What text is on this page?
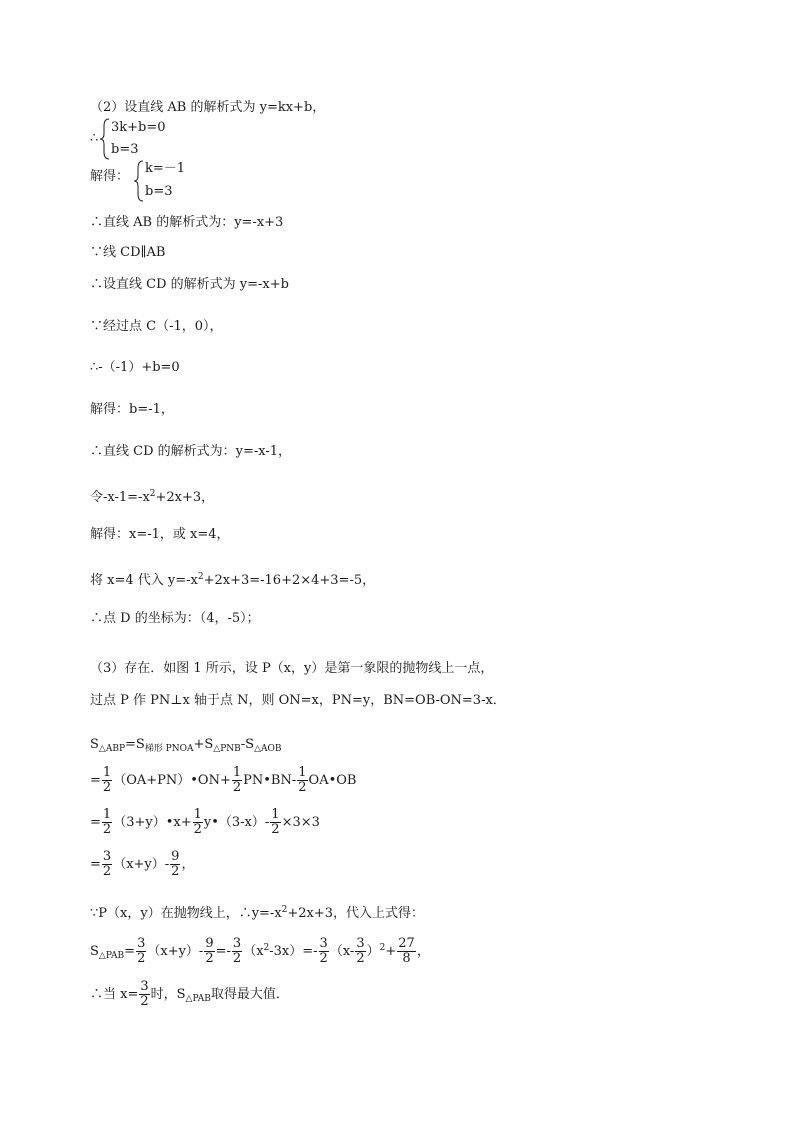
（2）设直线 AB 的解析式为 y=kx+b，
∴
3k+b=0
b=3
解得：
k=－1
b=3
∴直线 AB 的解析式为：y=-x+3
∵线 CD∥AB
∴设直线 CD 的解析式为 y=-x+b
∵经过点 C（-1，0），
∴-（-1）+b=0
解得：b=-1，
∴直线 CD 的解析式为：y=-x-1，
令$-x-1=-x^2+2x+3$，
解得：x=-1，或 x=4，
将 x=4 代入 $y=-x^2+2x+3=-16+2\times 4+3=-5$，
∴点 D 的坐标为：（4，-5）；
（3）存在．如图 1 所示，设 P（x，y）是第一象限的抛物线上一点，
过点 P 作 PN⊥x 轴于点 N，则 ON=x，PN=y，BN=OB-ON=3-x．
$S_{\triangle ABP}=S_{梯形 PNOA}+S_{\triangle PNB}-S_{\triangle AOB}$
= $\frac{1}{2}$ （OA+PN）•ON+ $\frac{1}{2}$ PN•BN- $\frac{1}{2}$ OA•OB
= $\frac{1}{2}$ （3+y）•x+ $\frac{1}{2}$ y•（3-x）- $\frac{1}{2} \times 3\times 3$
= $\frac{3}{2} (x+y)- \frac{9}{2}$ ，
∵P（x，y）在抛物线上，$\therefore y=-x^2+2x+3$，代入上式得：
$S_{\triangle PAB}= \frac{3}{2} (x+y)- \frac{9}{2} =- \frac{3}{2} (x^2-3x)=- \frac{3}{2} (x- \frac{3}{2} )^2+ \frac{27}{8}$ ，
∴当 $x= \frac{3}{2}$ 时，$S_{\triangle PAB}$取得最大值．
